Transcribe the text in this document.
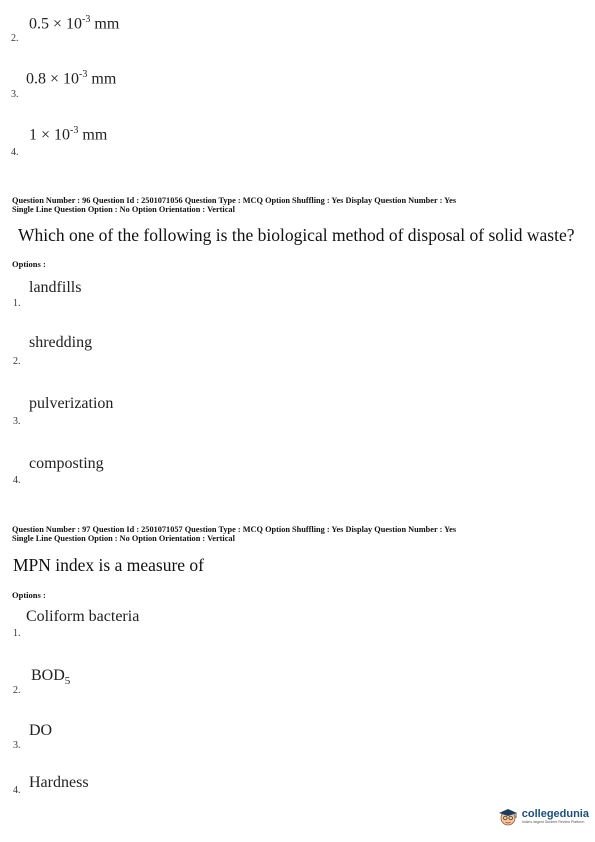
$0.5 \times 10^{-3}$ mm
2.
$0.8 \times 10^{-3}$ mm
3.
$1 \times 10^{-3}$ mm
4.
Question Number : 96 Question Id : 2501071056 Question Type : MCQ Option Shuffling : Yes Display Question Number : Yes
Single Line Question Option : No Option Orientation : Vertical
Which one of the following is the biological method of disposal of solid waste?
Options :
landfills
1.
shredding
2.
pulverization
3.
composting
4.
Question Number : 97 Question Id : 2501071057 Question Type : MCQ Option Shuffling : Yes Display Question Number : Yes
Single Line Question Option : No Option Orientation : Vertical
MPN index is a measure of
Options :
Coliform bacteria
1.
$BOD_5$
2.
DO
3.
Hardness
4.
collegedunia
India's largest Student Review Platform
